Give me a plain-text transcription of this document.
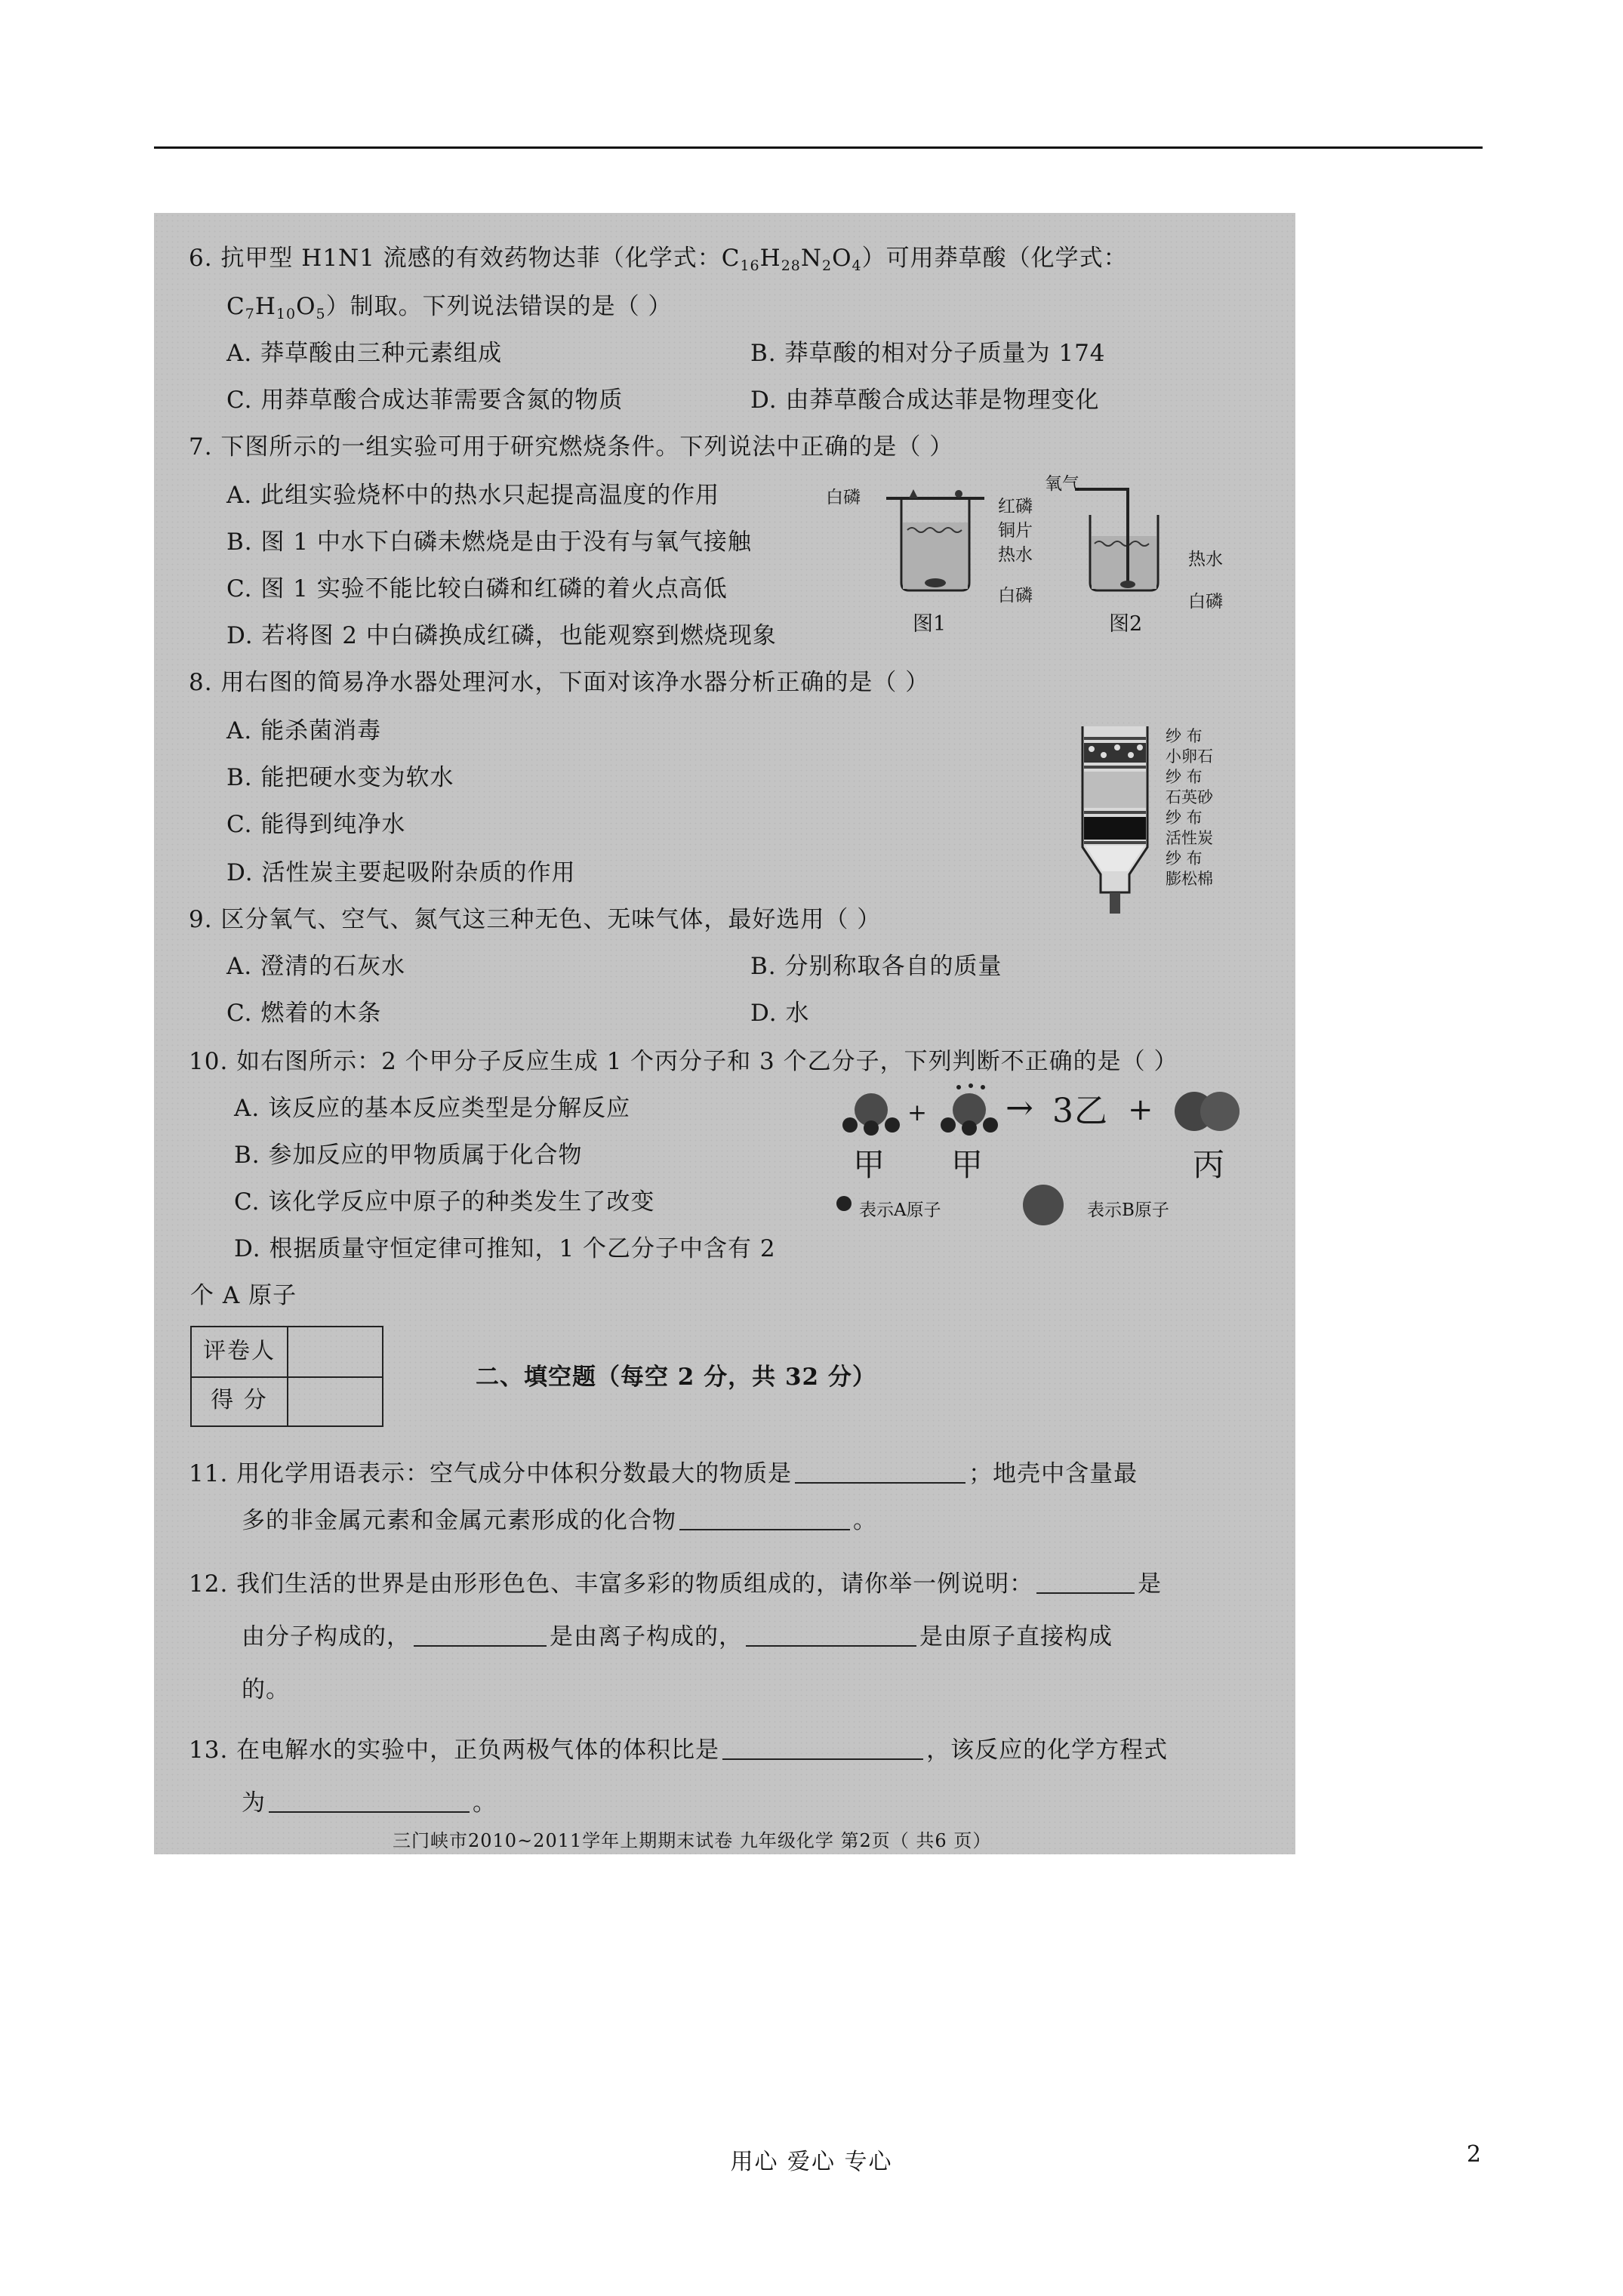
6. 抗甲型 H1N1 流感的有效药物达菲（化学式：$C_{16}H_{28}N_2O_4$）可用莽草酸（化学式：
$C_7H_{10}O_5$）制取。下列说法错误的是（ ）
A. 莽草酸由三种元素组成	B. 莽草酸的相对分子质量为 174
C. 用莽草酸合成达菲需要含氮的物质	D. 由莽草酸合成达菲是物理变化
7. 下图所示的一组实验可用于研究燃烧条件。下列说法中正确的是（ ）
A. 此组实验烧杯中的热水只起提高温度的作用
B. 图 1 中水下白磷未燃烧是由于没有与氧气接触
C. 图 1 实验不能比较白磷和红磷的着火点高低
D. 若将图 2 中白磷换成红磷，也能观察到燃烧现象
白磷	红磷
铜片
热水
白磷
图1
氧气
热水
白磷
图2
8. 用右图的简易净水器处理河水，下面对该净水器分析正确的是（ ）
A. 能杀菌消毒
B. 能把硬水变为软水
C. 能得到纯净水
D. 活性炭主要起吸附杂质的作用
纱 布
小卵石
纱 布
石英砂
纱 布
活性炭
纱 布
膨松棉
9. 区分氧气、空气、氮气这三种无色、无味气体，最好选用（ ）
A. 澄清的石灰水	B. 分别称取各自的质量
C. 燃着的木条	D. 水
10. 如右图所示：2 个甲分子反应生成 1 个丙分子和 3 个乙分子，下列判断不正确的是（ ）
A. 该反应的基本反应类型是分解反应
B. 参加反应的甲物质属于化合物
C. 该化学反应中原子的种类发生了改变
D. 根据质量守恒定律可推知，1 个乙分子中含有 2
个 A 原子
+ → 3乙 +
甲 甲	丙
表示A原子	表示B原子
评卷人
得 分
二、填空题（每空 2 分，共 32 分）
11. 用化学用语表示：空气成分中体积分数最大的物质是	；地壳中含量最
多的非金属元素和金属元素形成的化合物	。
12. 我们生活的世界是由形形色色、丰富多彩的物质组成的，请你举一例说明：	是
由分子构成的，	是由离子构成的，	是由原子直接构成
的。
13. 在电解水的实验中，正负两极气体的体积比是	，该反应的化学方程式
为	。
三门峡市2010~2011学年上期期末试卷 九年级化学 第2页（ 共6 页）
用心 爱心 专心	2
